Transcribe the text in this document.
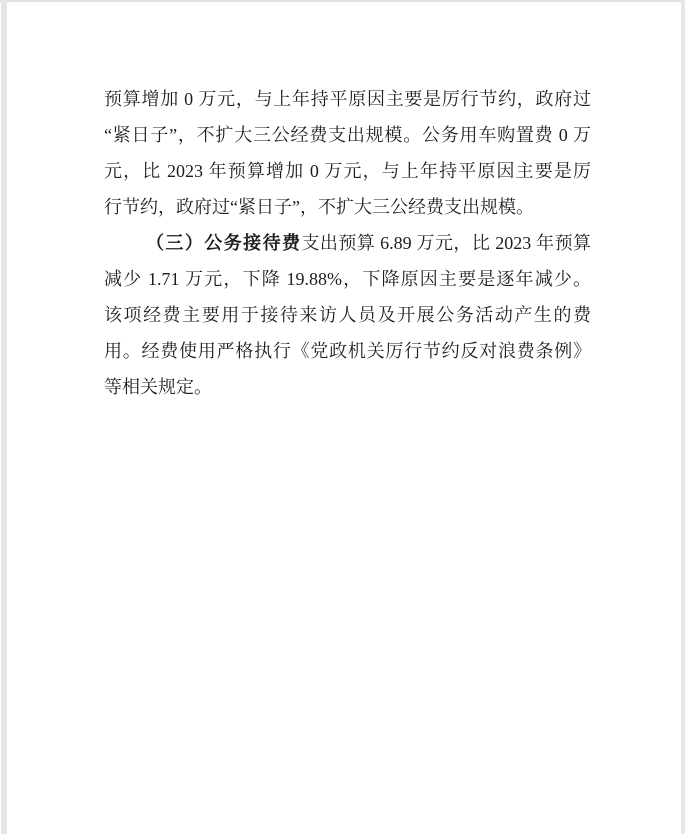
预算增加 0 万元，与上年持平原因主要是厉行节约，政府过
“紧日子”，不扩大三公经费支出规模。公务用车购置费 0 万
元，比 2023 年预算增加 0 万元，与上年持平原因主要是厉
行节约，政府过“紧日子”，不扩大三公经费支出规模。
（三）公务接待费支出预算 6.89 万元，比 2023 年预算
减少 1.71 万元，下降 19.88%，下降原因主要是逐年减少。
该项经费主要用于接待来访人员及开展公务活动产生的费
用。经费使用严格执行《党政机关厉行节约反对浪费条例》
等相关规定。
